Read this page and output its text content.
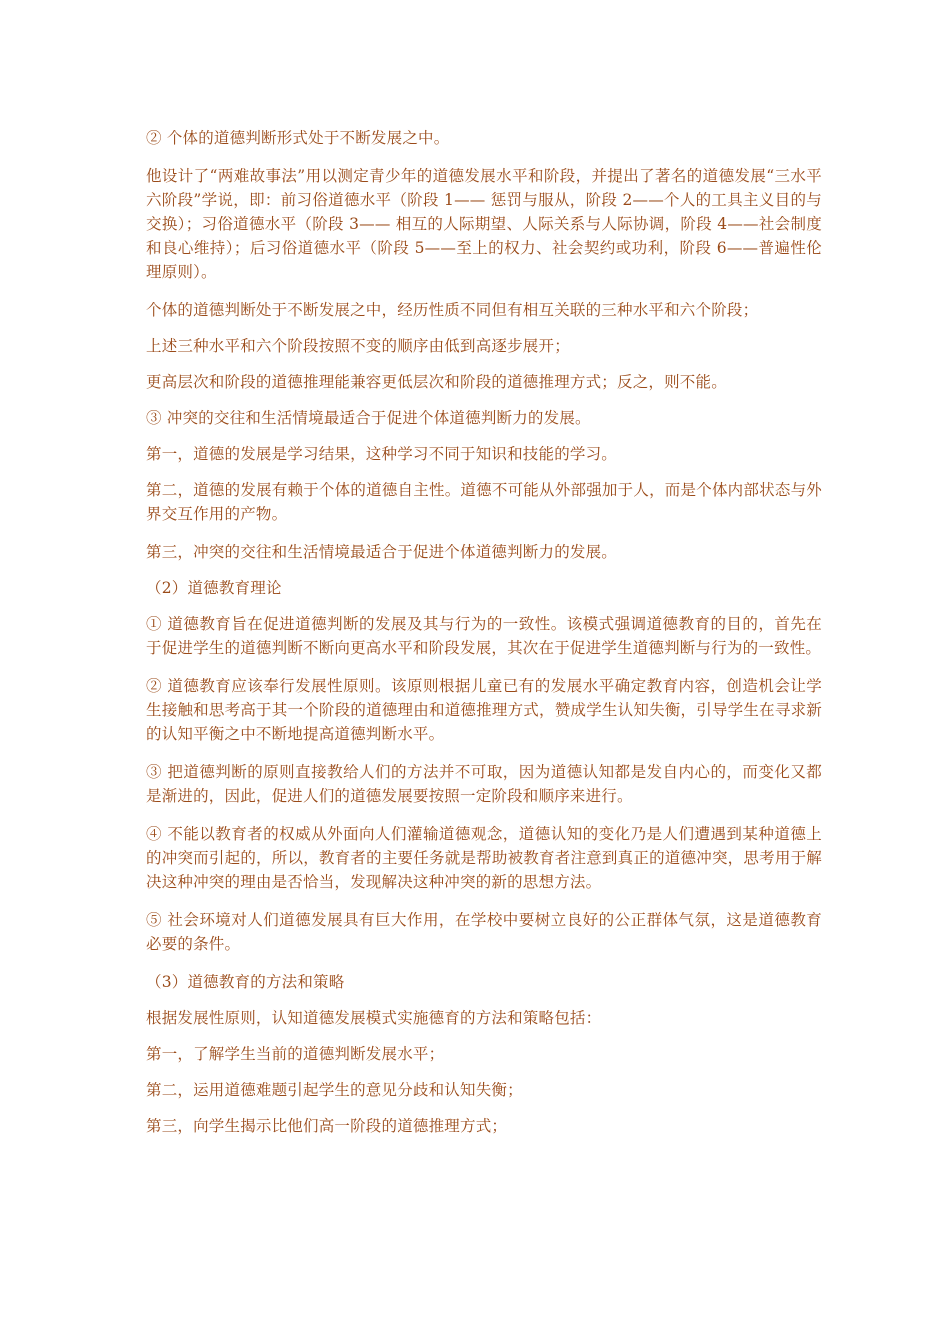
② 个体的道德判断形式处于不断发展之中。

他设计了“两难故事法”用以测定青少年的道德发展水平和阶段，并提出了著名的道德发展“三水平六阶段”学说，即：前习俗道德水平（阶段 1—— 惩罚与服从，阶段 2——个人的工具主义目的与交换）；习俗道德水平（阶段 3—— 相互的人际期望、人际关系与人际协调，阶段 4——社会制度和良心维持）；后习俗道德水平（阶段 5——至上的权力、社会契约或功利，阶段 6——普遍性伦理原则）。

个体的道德判断处于不断发展之中，经历性质不同但有相互关联的三种水平和六个阶段；

上述三种水平和六个阶段按照不变的顺序由低到高逐步展开；

更高层次和阶段的道德推理能兼容更低层次和阶段的道德推理方式；反之，则不能。

③ 冲突的交往和生活情境最适合于促进个体道德判断力的发展。

第一，道德的发展是学习结果，这种学习不同于知识和技能的学习。

第二，道德的发展有赖于个体的道德自主性。道德不可能从外部强加于人，而是个体内部状态与外界交互作用的产物。

第三，冲突的交往和生活情境最适合于促进个体道德判断力的发展。

（2）道德教育理论

① 道德教育旨在促进道德判断的发展及其与行为的一致性。该模式强调道德教育的目的，首先在于促进学生的道德判断不断向更高水平和阶段发展，其次在于促进学生道德判断与行为的一致性。

② 道德教育应该奉行发展性原则。该原则根据儿童已有的发展水平确定教育内容，创造机会让学生接触和思考高于其一个阶段的道德理由和道德推理方式，赞成学生认知失衡，引导学生在寻求新的认知平衡之中不断地提高道德判断水平。

③ 把道德判断的原则直接教给人们的方法并不可取，因为道德认知都是发自内心的，而变化又都是渐进的，因此，促进人们的道德发展要按照一定阶段和顺序来进行。

④ 不能以教育者的权威从外面向人们灌输道德观念，道德认知的变化乃是人们遭遇到某种道德上的冲突而引起的，所以，教育者的主要任务就是帮助被教育者注意到真正的道德冲突，思考用于解决这种冲突的理由是否恰当，发现解决这种冲突的新的思想方法。

⑤ 社会环境对人们道德发展具有巨大作用，在学校中要树立良好的公正群体气氛，这是道德教育必要的条件。

（3）道德教育的方法和策略

根据发展性原则，认知道德发展模式实施德育的方法和策略包括：

第一，了解学生当前的道德判断发展水平；

第二，运用道德难题引起学生的意见分歧和认知失衡；

第三，向学生揭示比他们高一阶段的道德推理方式；
